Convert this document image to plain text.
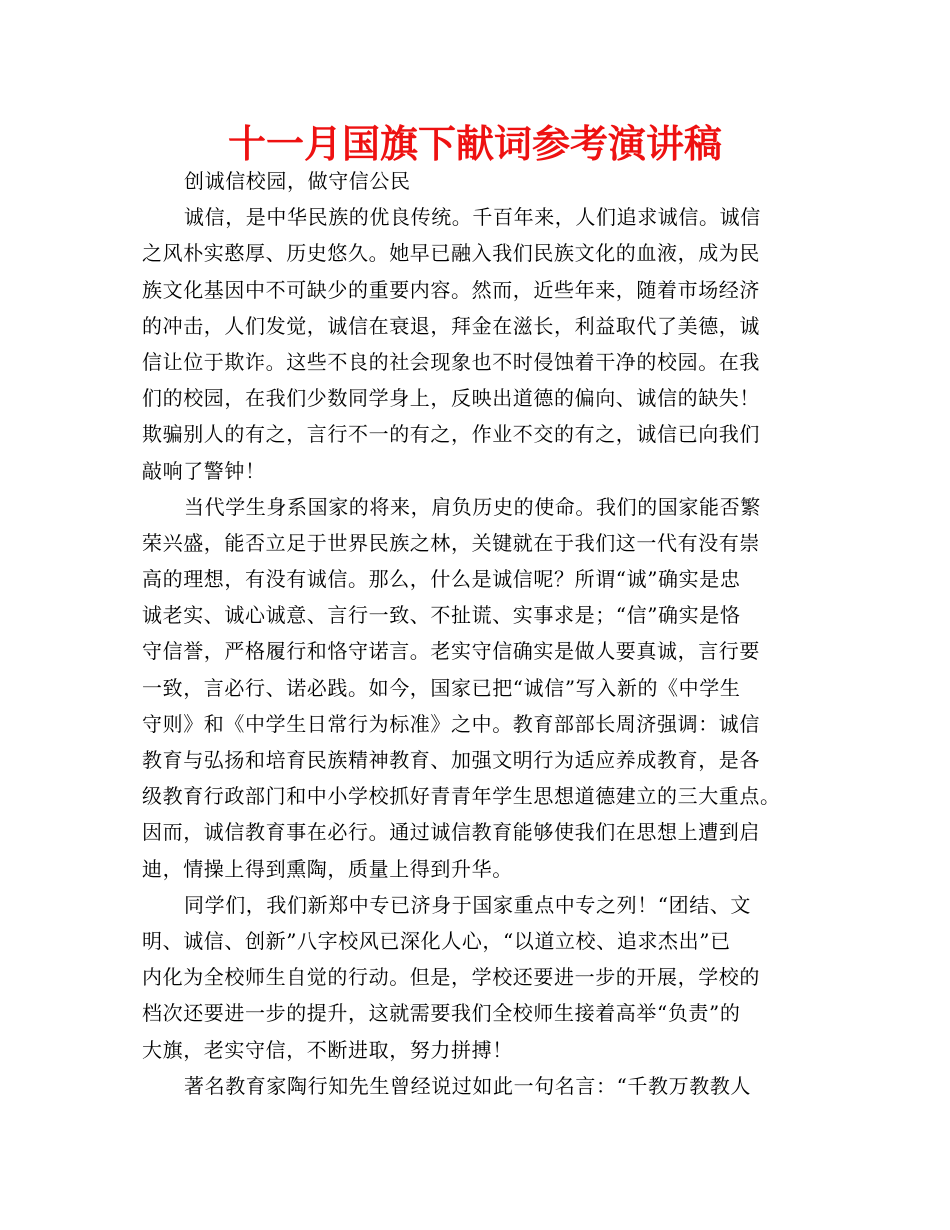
十一月国旗下献词参考演讲稿
创诚信校园，做守信公民
诚信，是中华民族的优良传统。千百年来，人们追求诚信。诚信
之风朴实憨厚、历史悠久。她早已融入我们民族文化的血液，成为民
族文化基因中不可缺少的重要内容。然而，近些年来，随着市场经济
的冲击，人们发觉，诚信在衰退，拜金在滋长，利益取代了美德，诚
信让位于欺诈。这些不良的社会现象也不时侵蚀着干净的校园。在我
们的校园，在我们少数同学身上，反映出道德的偏向、诚信的缺失！
欺骗别人的有之，言行不一的有之，作业不交的有之，诚信已向我们
敲响了警钟！
当代学生身系国家的将来，肩负历史的使命。我们的国家能否繁
荣兴盛，能否立足于世界民族之林，关键就在于我们这一代有没有崇
高的理想，有没有诚信。那么，什么是诚信呢？所谓“诚”确实是忠
诚老实、诚心诚意、言行一致、不扯谎、实事求是；“信”确实是恪
守信誉，严格履行和恪守诺言。老实守信确实是做人要真诚，言行要
一致，言必行、诺必践。如今，国家已把“诚信”写入新的《中学生
守则》和《中学生日常行为标准》之中。教育部部长周济强调：诚信
教育与弘扬和培育民族精神教育、加强文明行为适应养成教育，是各
级教育行政部门和中小学校抓好青青年学生思想道德建立的三大重点。
因而，诚信教育事在必行。通过诚信教育能够使我们在思想上遭到启
迪，情操上得到熏陶，质量上得到升华。
同学们，我们新郑中专已济身于国家重点中专之列！“团结、文
明、诚信、创新”八字校风已深化人心，“以道立校、追求杰出”已
内化为全校师生自觉的行动。但是，学校还要进一步的开展，学校的
档次还要进一步的提升，这就需要我们全校师生接着高举“负责”的
大旗，老实守信，不断进取，努力拼搏！
著名教育家陶行知先生曾经说过如此一句名言：“千教万教教人
